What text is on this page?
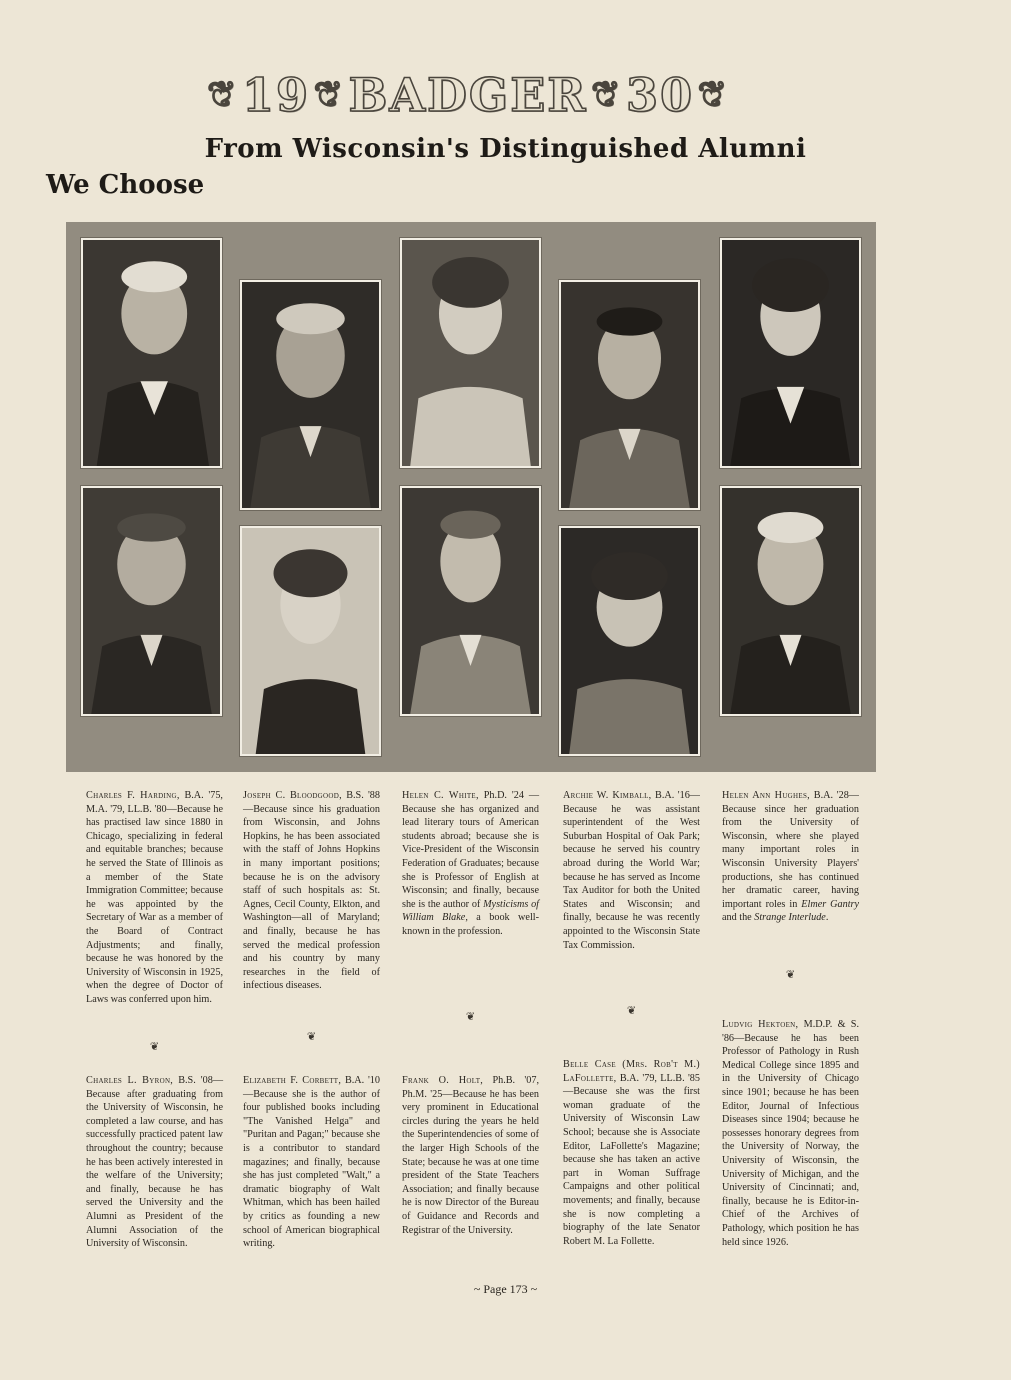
❦ 19 ❦ BADGER ❦ 30 ❦
From Wisconsin's Distinguished Alumni
We Choose

Charles F. Harding, B.A. '75, M.A. '79, LL.B. '80—Because he has practised law since 1880 in Chicago, specializing in federal and equitable branches; because he served the State of Illinois as a member of the State Immigration Committee; because he was appointed by the Secretary of War as a member of the Board of Contract Adjustments; and finally, because he was honored by the University of Wisconsin in 1925, when the degree of Doctor of Laws was conferred upon him.

❦

Charles L. Byron, B.S. '08—Because after graduating from the University of Wisconsin, he completed a law course, and has successfully practiced patent law throughout the country; because he has been actively interested in the welfare of the University; and finally, because he has served the University and the Alumni as President of the Alumni Association of the University of Wisconsin.

Joseph C. Bloodgood, B.S. '88—Because since his graduation from Wisconsin, and Johns Hopkins, he has been associated with the staff of Johns Hopkins in many important positions; because he is on the advisory staff of such hospitals as: St. Agnes, Cecil County, Elkton, and Washington—all of Maryland; and finally, because he has served the medical profession and his country by many researches in the field of infectious diseases.

❦

Elizabeth F. Corbett, B.A. '10—Because she is the author of four published books including "The Vanished Helga" and "Puritan and Pagan;" because she is a contributor to standard magazines; and finally, because she has just completed "Walt," a dramatic biography of Walt Whitman, which has been hailed by critics as founding a new school of American biographical writing.

Helen C. White, Ph.D. '24 —Because she has organized and lead literary tours of American students abroad; because she is Vice-President of the Wisconsin Federation of Graduates; because she is Professor of English at Wisconsin; and finally, because she is the author of Mysticisms of William Blake, a book well-known in the profession.

❦

Frank O. Holt, Ph.B. '07, Ph.M. '25—Because he has been very prominent in Educational circles during the years he held the Superintendencies of some of the larger High Schools of the State; because he was at one time president of the State Teachers Association; and finally because he is now Director of the Bureau of Guidance and Records and Registrar of the University.

Archie W. Kimball, B.A. '16—Because he was assistant superintendent of the West Suburban Hospital of Oak Park; because he served his country abroad during the World War; because he has served as Income Tax Auditor for both the United States and Wisconsin; and finally, because he was recently appointed to the Wisconsin State Tax Commission.

❦

Belle Case (Mrs. Rob't M.) LaFollette, B.A. '79, LL.B. '85—Because she was the first woman graduate of the University of Wisconsin Law School; because she is Associate Editor, LaFollette's Magazine; because she has taken an active part in Woman Suffrage Campaigns and other political movements; and finally, because she is now completing a biography of the late Senator Robert M. La Follette.

Helen Ann Hughes, B.A. '28—Because since her graduation from the University of Wisconsin, where she played many important roles in Wisconsin University Players' productions, she has continued her dramatic career, having important roles in Elmer Gantry and the Strange Interlude.

❦

Ludvig Hektoen, M.D.P. & S. '86—Because he has been Professor of Pathology in Rush Medical College since 1895 and in the University of Chicago since 1901; because he has been Editor, Journal of Infectious Diseases since 1904; because he possesses honorary degrees from the University of Norway, the University of Wisconsin, the University of Michigan, and the University of Cincinnati; and, finally, because he is Editor-in-Chief of the Archives of Pathology, which position he has held since 1926.

~ Page 173 ~
